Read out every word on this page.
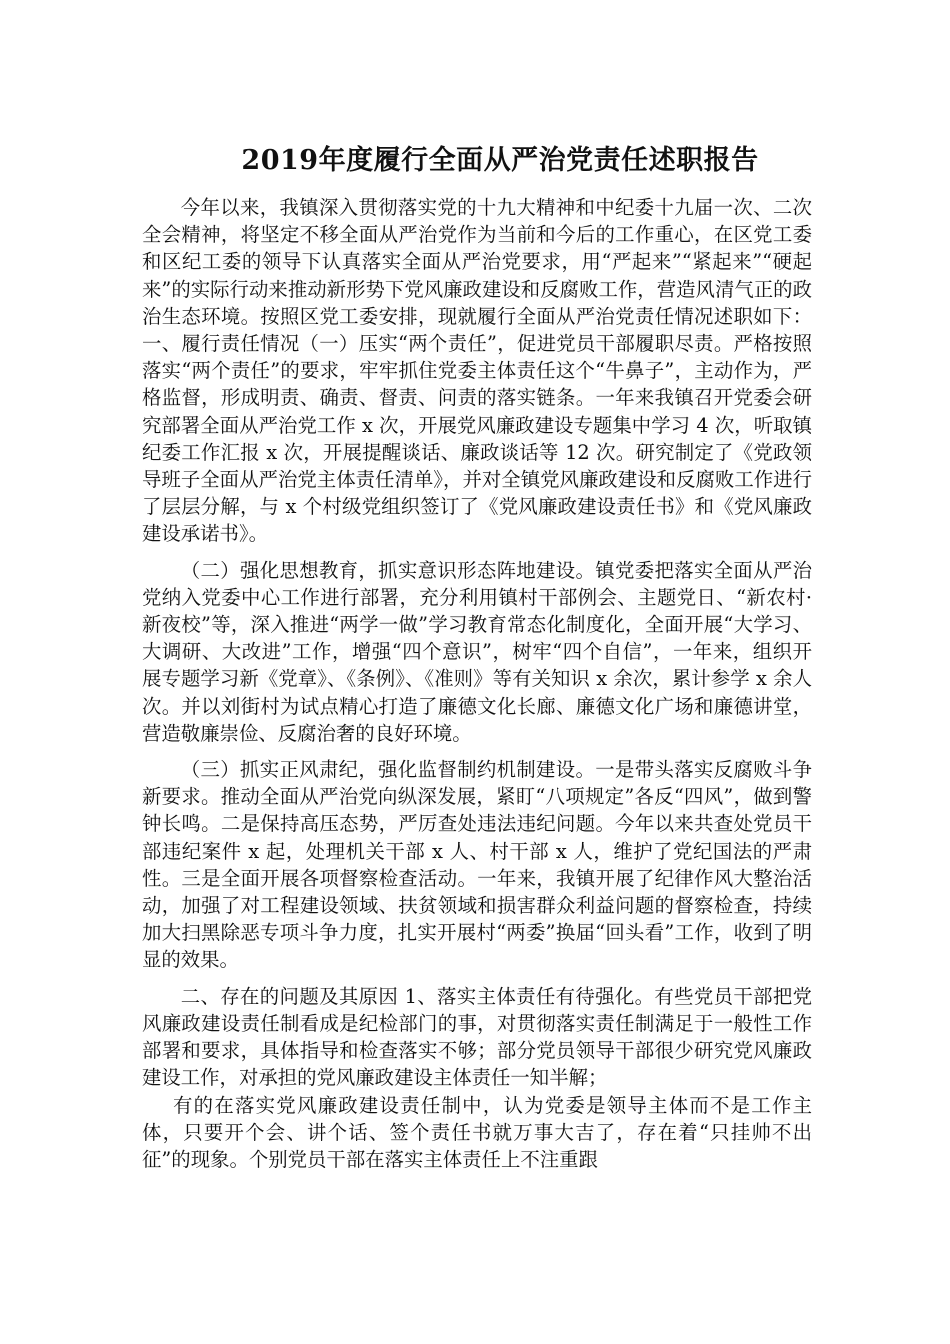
2019年度履行全面从严治党责任述职报告

今年以来，我镇深入贯彻落实党的十九大精神和中纪委十九届一次、二次全会精神，将坚定不移全面从严治党作为当前和今后的工作重心，在区党工委和区纪工委的领导下认真落实全面从严治党要求，用“严起来”“紧起来”“硬起来”的实际行动来推动新形势下党风廉政建设和反腐败工作，营造风清气正的政治生态环境。按照区党工委安排，现就履行全面从严治党责任情况述职如下：一、履行责任情况（一）压实“两个责任”，促进党员干部履职尽责。严格按照落实“两个责任”的要求，牢牢抓住党委主体责任这个“牛鼻子”，主动作为，严格监督，形成明责、确责、督责、问责的落实链条。一年来我镇召开党委会研究部署全面从严治党工作 x 次，开展党风廉政建设专题集中学习 4 次，听取镇纪委工作汇报 x 次，开展提醒谈话、廉政谈话等 12 次。研究制定了《党政领导班子全面从严治党主体责任清单》，并对全镇党风廉政建设和反腐败工作进行了层层分解，与 x 个村级党组织签订了《党风廉政建设责任书》和《党风廉政建设承诺书》。

（二）强化思想教育，抓实意识形态阵地建设。镇党委把落实全面从严治党纳入党委中心工作进行部署，充分利用镇村干部例会、主题党日、“新农村·新夜校”等，深入推进“两学一做”学习教育常态化制度化，全面开展“大学习、大调研、大改进”工作，增强“四个意识”，树牢“四个自信”，一年来，组织开展专题学习新《党章》、《条例》、《准则》等有关知识 x 余次，累计参学 x 余人次。并以刘街村为试点精心打造了廉德文化长廊、廉德文化广场和廉德讲堂，营造敬廉崇俭、反腐治奢的良好环境。

（三）抓实正风肃纪，强化监督制约机制建设。一是带头落实反腐败斗争新要求。推动全面从严治党向纵深发展，紧盯“八项规定”各反“四风”，做到警钟长鸣。二是保持高压态势，严厉查处违法违纪问题。今年以来共查处党员干部违纪案件 x 起，处理机关干部 x 人、村干部 x 人，维护了党纪国法的严肃性。三是全面开展各项督察检查活动。一年来，我镇开展了纪律作风大整治活动，加强了对工程建设领域、扶贫领域和损害群众利益问题的督察检查，持续加大扫黑除恶专项斗争力度，扎实开展村“两委”换届“回头看”工作，收到了明显的效果。

二、存在的问题及其原因 1、落实主体责任有待强化。有些党员干部把党风廉政建设责任制看成是纪检部门的事，对贯彻落实责任制满足于一般性工作部署和要求，具体指导和检查落实不够；部分党员领导干部很少研究党风廉政建设工作，对承担的党风廉政建设主体责任一知半解；

有的在落实党风廉政建设责任制中，认为党委是领导主体而不是工作主体，只要开个会、讲个话、签个责任书就万事大吉了，存在着“只挂帅不出征”的现象。个别党员干部在落实主体责任上不注重跟
